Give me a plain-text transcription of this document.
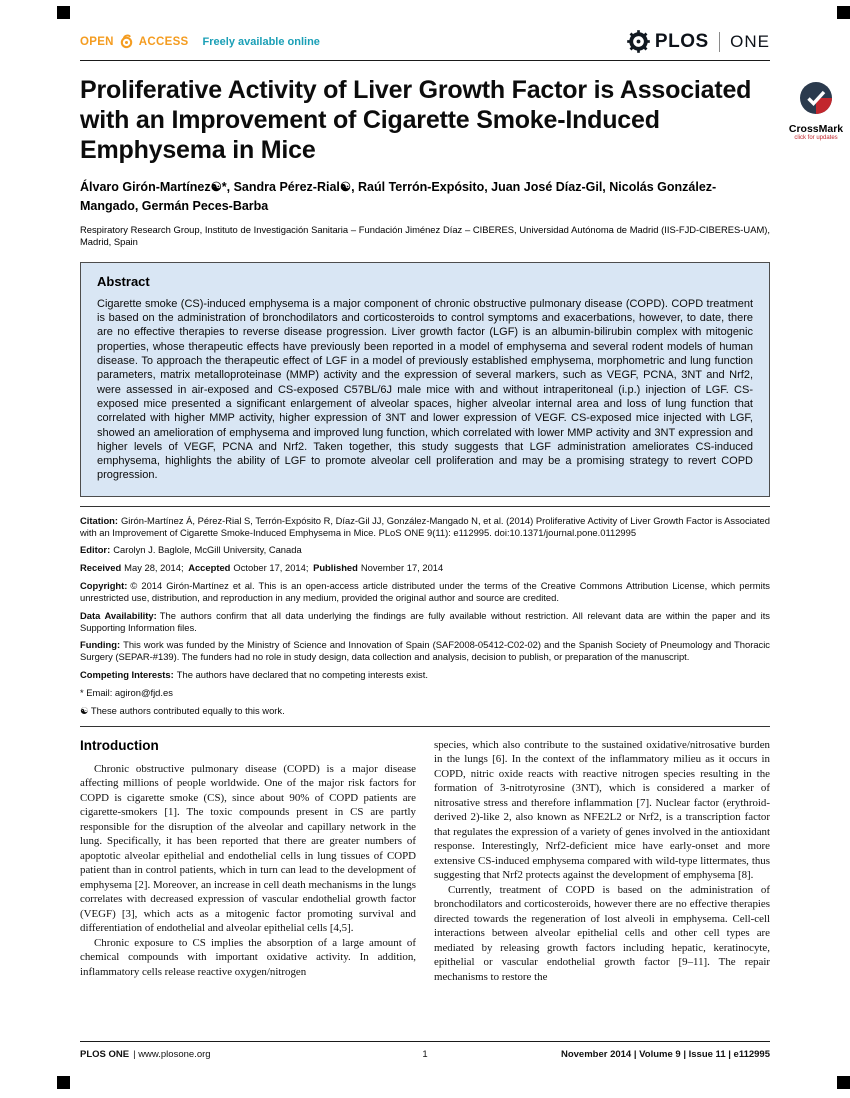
OPEN ACCESS Freely available online	PLOS ONE
Proliferative Activity of Liver Growth Factor is Associated with an Improvement of Cigarette Smoke-Induced Emphysema in Mice
Álvaro Girón-Martínez☯*, Sandra Pérez-Rial☯, Raúl Terrón-Expósito, Juan José Díaz-Gil, Nicolás González-Mangado, Germán Peces-Barba
Respiratory Research Group, Instituto de Investigación Sanitaria – Fundación Jiménez Díaz – CIBERES, Universidad Autónoma de Madrid (IIS-FJD-CIBERES-UAM), Madrid, Spain
Abstract

Cigarette smoke (CS)-induced emphysema is a major component of chronic obstructive pulmonary disease (COPD). COPD treatment is based on the administration of bronchodilators and corticosteroids to control symptoms and exacerbations, however, to date, there are no effective therapies to reverse disease progression. Liver growth factor (LGF) is an albumin-bilirubin complex with mitogenic properties, whose therapeutic effects have previously been reported in a model of emphysema and several rodent models of human disease. To approach the therapeutic effect of LGF in a model of previously established emphysema, morphometric and lung function parameters, matrix metalloproteinase (MMP) activity and the expression of several markers, such as VEGF, PCNA, 3NT and Nrf2, were assessed in air-exposed and CS-exposed C57BL/6J male mice with and without intraperitoneal (i.p.) injection of LGF. CS-exposed mice presented a significant enlargement of alveolar spaces, higher alveolar internal area and loss of lung function that correlated with higher MMP activity, higher expression of 3NT and lower expression of VEGF. CS-exposed mice injected with LGF, showed an amelioration of emphysema and improved lung function, which correlated with lower MMP activity and 3NT expression and higher levels of VEGF, PCNA and Nrf2. Taken together, this study suggests that LGF administration ameliorates CS-induced emphysema, highlights the ability of LGF to promote alveolar cell proliferation and may be a promising strategy to revert COPD progression.

Citation: Girón-Martínez Á, Pérez-Rial S, Terrón-Expósito R, Díaz-Gil JJ, González-Mangado N, et al. (2014) Proliferative Activity of Liver Growth Factor is Associated with an Improvement of Cigarette Smoke-Induced Emphysema in Mice. PLoS ONE 9(11): e112995. doi:10.1371/journal.pone.0112995

Editor: Carolyn J. Baglole, McGill University, Canada

Received May 28, 2014; Accepted October 17, 2014; Published November 17, 2014

Copyright: © 2014 Girón-Martínez et al. This is an open-access article distributed under the terms of the Creative Commons Attribution License, which permits unrestricted use, distribution, and reproduction in any medium, provided the original author and source are credited.

Data Availability: The authors confirm that all data underlying the findings are fully available without restriction. All relevant data are within the paper and its Supporting Information files.

Funding: This work was funded by the Ministry of Science and Innovation of Spain (SAF2008-05412-C02-02) and the Spanish Society of Pneumology and Thoracic Surgery (SEPAR-#139). The funders had no role in study design, data collection and analysis, decision to publish, or preparation of the manuscript.

Competing Interests: The authors have declared that no competing interests exist.

* Email: agiron@fjd.es

☯ These authors contributed equally to this work.

Introduction

Chronic obstructive pulmonary disease (COPD) is a major disease affecting millions of people worldwide. One of the major risk factors for COPD is cigarette smoke (CS), since about 90% of COPD patients are cigarette-smokers [1]. The toxic compounds present in CS are partly responsible for the disruption of the alveolar and capillary network in the lung. Specifically, it has been reported that there are greater numbers of apoptotic alveolar epithelial and endothelial cells in lung tissues of COPD patient than in control patients, which in turn can lead to the development of emphysema [2]. Moreover, an increase in cell death mechanisms in the lungs correlates with decreased expression of vascular endothelial growth factor (VEGF) [3], which acts as a mitogenic factor promoting survival and differentiation of endothelial and alveolar epithelial cells [4,5].

Chronic exposure to CS implies the absorption of a large amount of chemical compounds with important oxidative activity. In addition, inflammatory cells release reactive oxygen/nitrogen

species, which also contribute to the sustained oxidative/nitrosative burden in the lungs [6]. In the context of the inflammatory milieu as it occurs in COPD, nitric oxide reacts with reactive nitrogen species resulting in the formation of 3-nitrotyrosine (3NT), which is considered a marker of nitrosative stress and therefore inflammation [7]. Nuclear factor (erythroid-derived 2)-like 2, also known as NFE2L2 or Nrf2, is a transcription factor that regulates the expression of a variety of genes involved in the antioxidant response. Interestingly, Nrf2-deficient mice have early-onset and more extensive CS-induced emphysema compared with wild-type littermates, thus suggesting that Nrf2 protects against the development of emphysema [8].

Currently, treatment of COPD is based on the administration of bronchodilators and corticosteroids, however there are no effective therapies directed towards the regeneration of lost alveoli in emphysema. Cell-cell interactions between alveolar epithelial cells and other cell types are mediated by releasing growth factors including hepatic, keratinocyte, epithelial or vascular endothelial growth factor [9–11]. The repair mechanisms to restore the

CrossMark
click for updates
PLOS ONE | www.plosone.org	1	November 2014 | Volume 9 | Issue 11 | e112995
